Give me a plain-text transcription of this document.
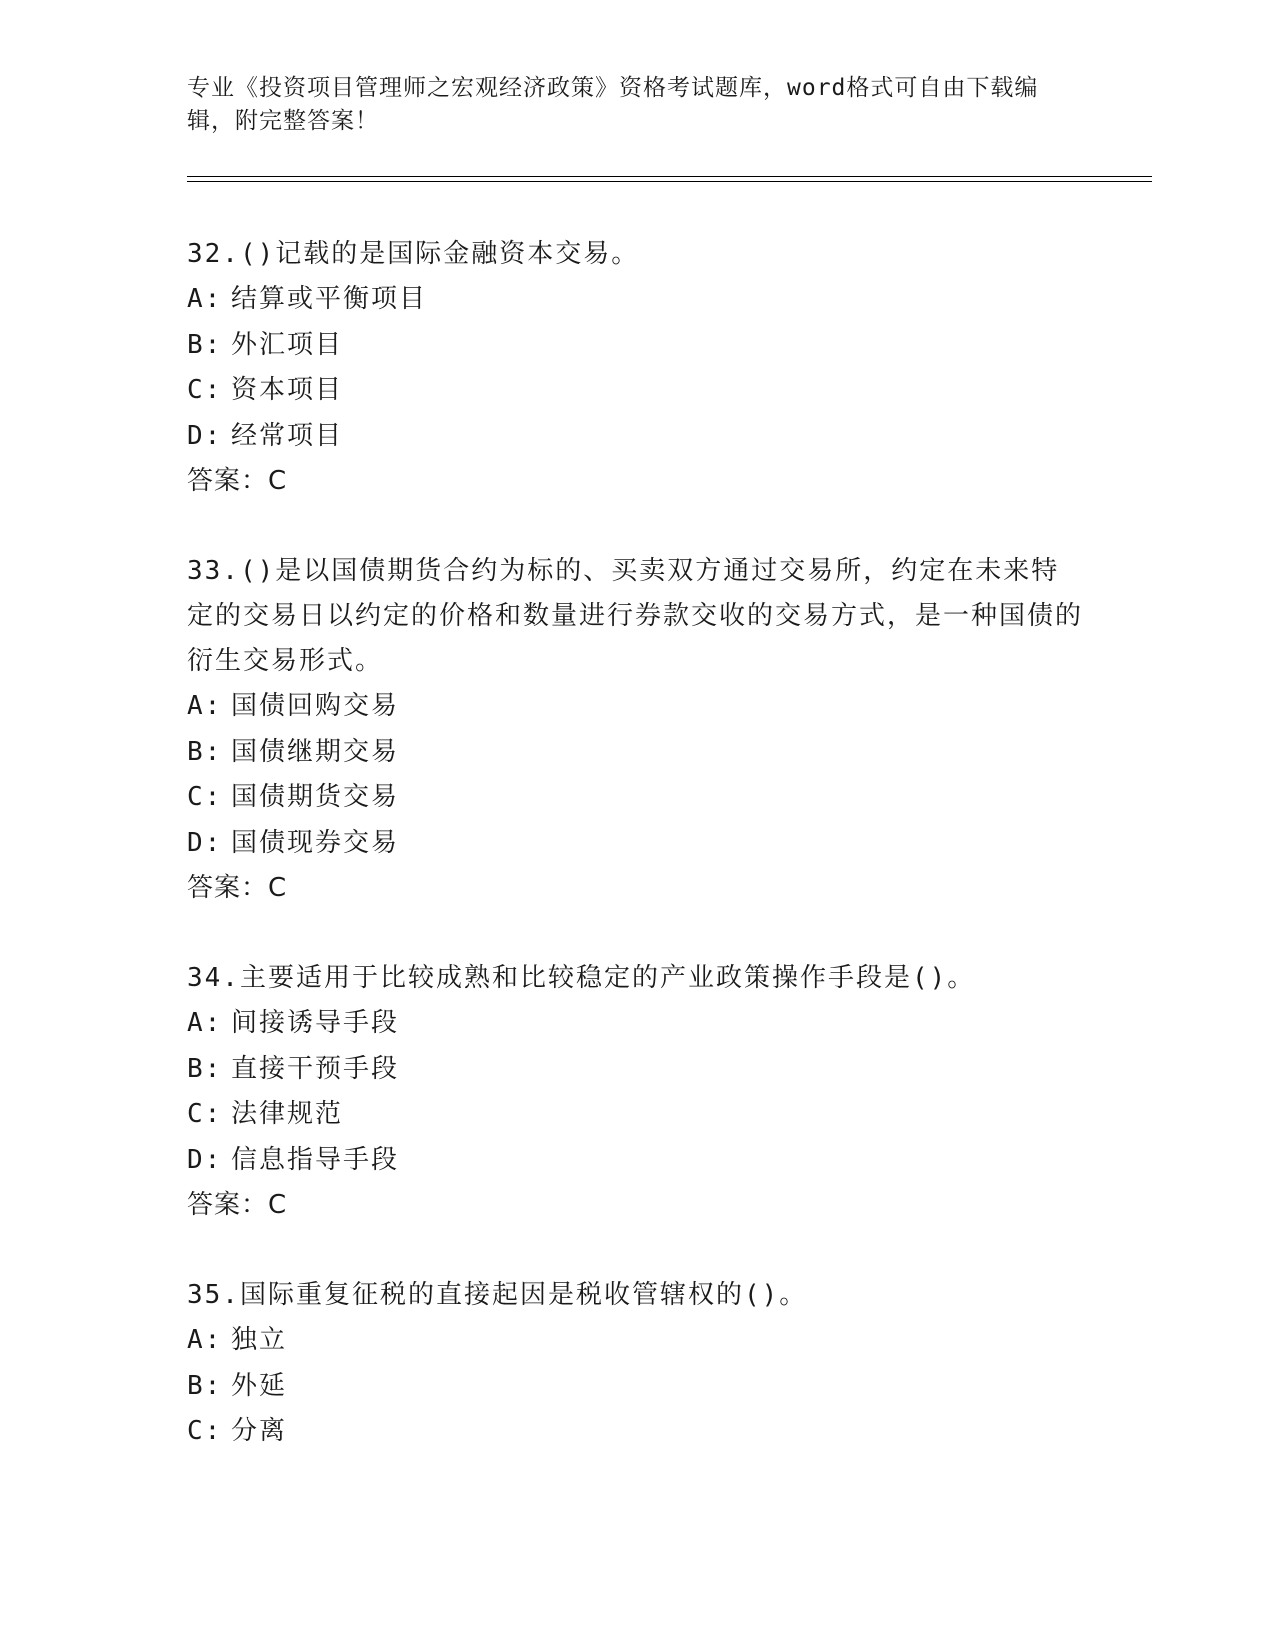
专业《投资项目管理师之宏观经济政策》资格考试题库，word格式可自由下载编辑，附完整答案！
32.()记载的是国际金融资本交易。
A: 结算或平衡项目
B: 外汇项目
C: 资本项目
D: 经常项目
答案：C
33.()是以国债期货合约为标的、买卖双方通过交易所，约定在未来特定的交易日以约定的价格和数量进行券款交收的交易方式，是一种国债的衍生交易形式。
A: 国债回购交易
B: 国债继期交易
C: 国债期货交易
D: 国债现券交易
答案：C
34.主要适用于比较成熟和比较稳定的产业政策操作手段是()。
A: 间接诱导手段
B: 直接干预手段
C: 法律规范
D: 信息指导手段
答案：C
35.国际重复征税的直接起因是税收管辖权的()。
A: 独立
B: 外延
C: 分离
